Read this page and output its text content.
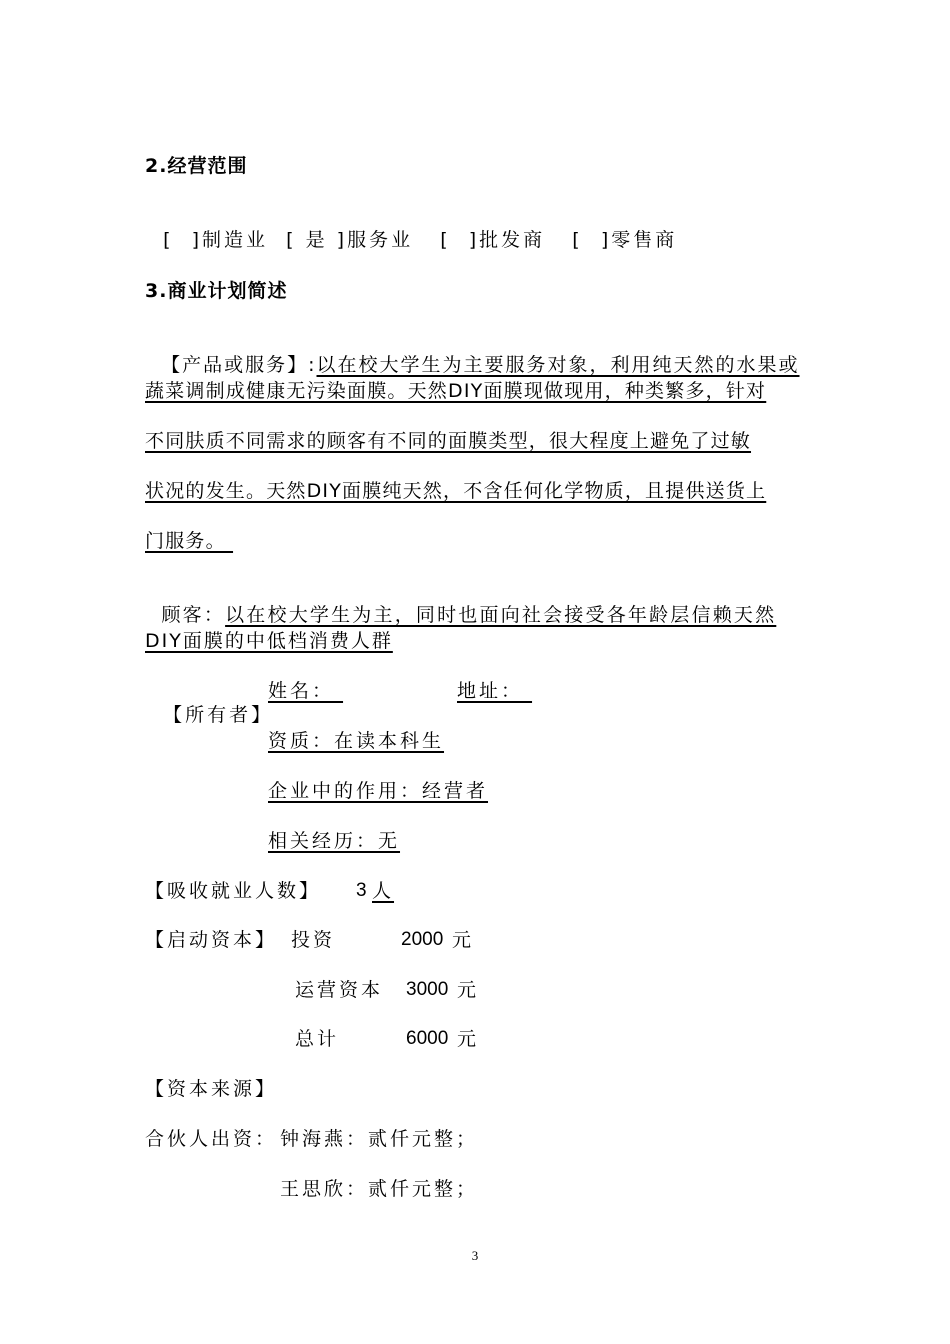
2.经营范围

[ ]制造业 [ 是 ]服务业 [ ]批发商 [ ]零售商

3.商业计划简述

【产品或服务】:以在校大学生为主要服务对象，利用纯天然的水果或

蔬菜调制成健康无污染面膜。天然DIY面膜现做现用，种类繁多，针对
不同肤质不同需求的顾客有不同的面膜类型，很大程度上避免了过敏
状况的发生。天然DIY面膜纯天然，不含任何化学物质，且提供送货上
门服务。

顾客：以在校大学生为主，同时也面向社会接受各年龄层信赖天然

DIY面膜的中低档消费人群

【所有者】

姓名：	地址：
资质：在读本科生
企业中的作用：经营者
相关经历：无
【吸收就业人数】 3 人
【启动资本】 投资	2000 元
运营资本 3000 元
总计	6000 元
【资本来源】
合伙人出资： 钟海燕： 贰仟元整；
王思欣： 贰仟元整；
3
